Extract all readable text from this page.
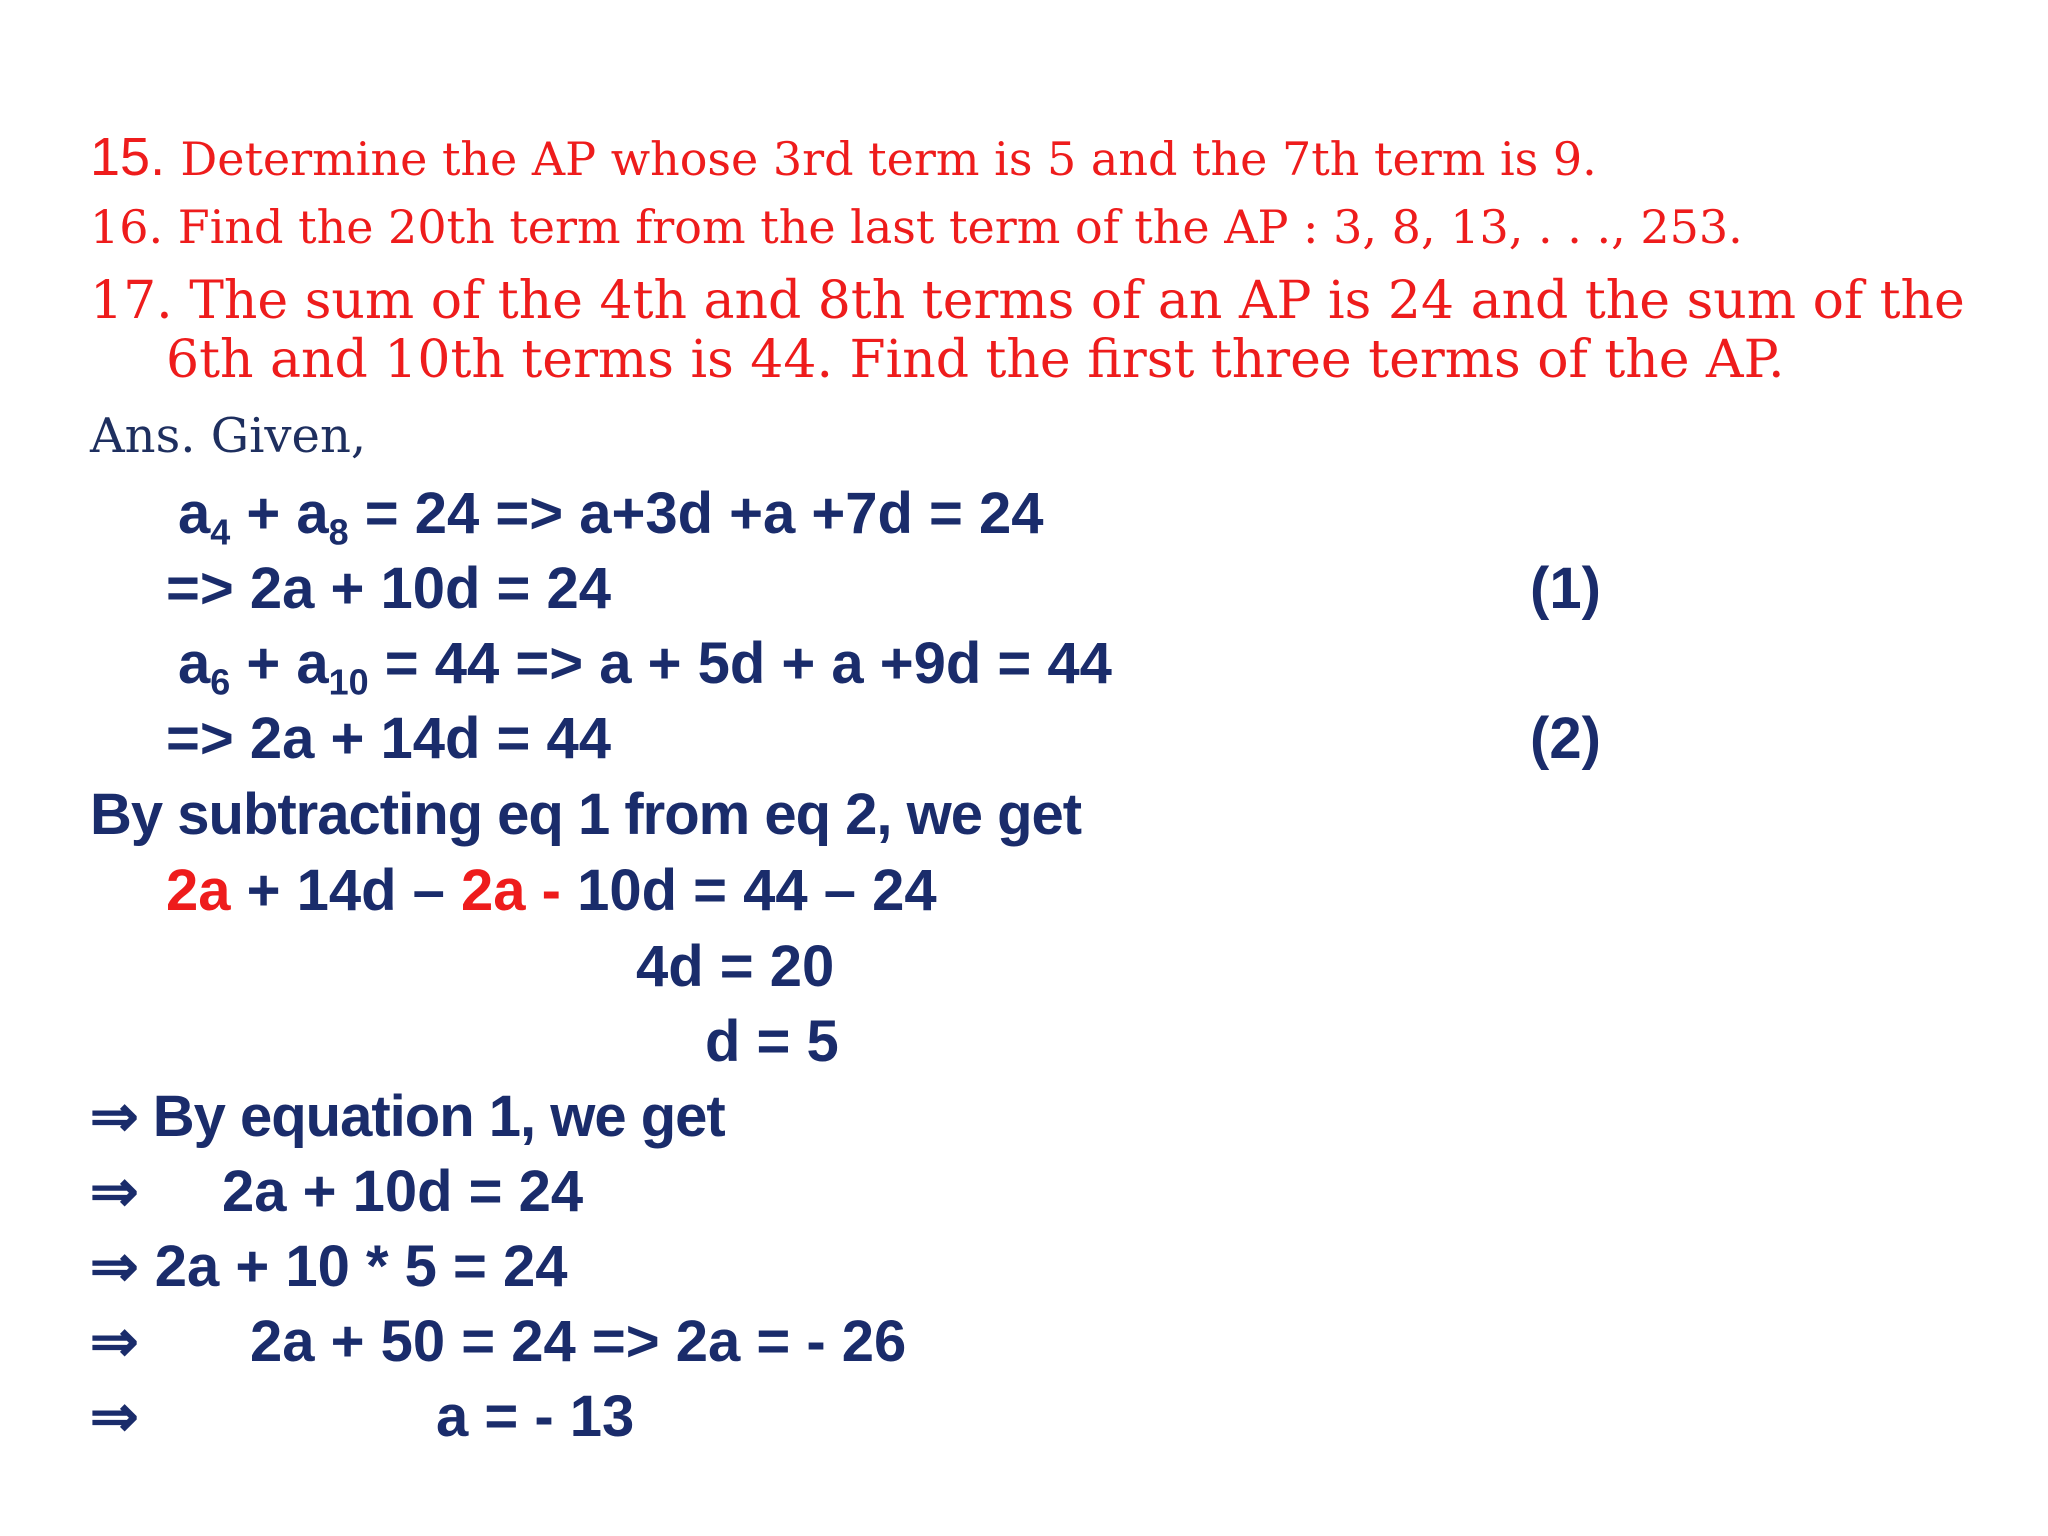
15. Determine the AP whose 3rd term is 5 and the 7th term is 9.
16. Find the 20th term from the last term of the AP : 3, 8, 13, . . ., 253.
17. The sum of the 4th and 8th terms of an AP is 24 and the sum of the
6th and 10th terms is 44. Find the first three terms of the AP.
Ans. Given,
$a_4 + a_8 = 24 => a+3d +a +7d = 24$
=> 2a + 10d = 24	(1)
$a_6 + a_{10} = 44 => a + 5d + a +9d = 44$
=> 2a + 14d = 44	(2)
By subtracting eq 1 from eq 2, we get
2a + 14d – 2a - 10d = 44 – 24
4d = 20
d = 5
⇒ By equation 1, we get
⇒ 2a + 10d = 24
⇒ 2a + 10 * 5 = 24
⇒ 2a + 50 = 24 => 2a = - 26
⇒	a = - 13
